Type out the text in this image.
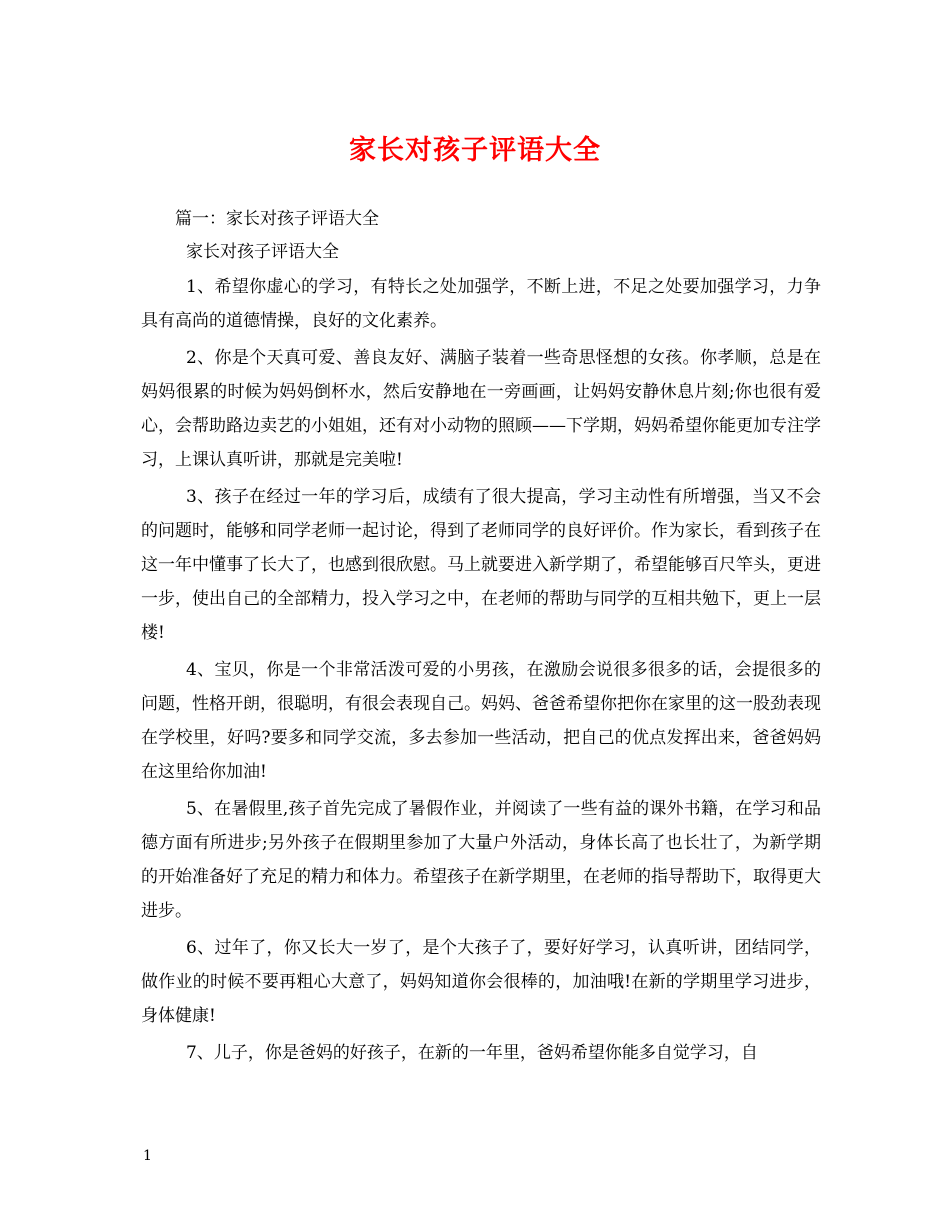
家长对孩子评语大全
篇一：家长对孩子评语大全
家长对孩子评语大全

1、希望你虚心的学习，有特长之处加强学，不断上进，不足之处要加强学习，力争具有高尚的道德情操，良好的文化素养。

2、你是个天真可爱、善良友好、满脑子装着一些奇思怪想的女孩。你孝顺，总是在妈妈很累的时候为妈妈倒杯水，然后安静地在一旁画画，让妈妈安静休息片刻;你也很有爱心，会帮助路边卖艺的小姐姐，还有对小动物的照顾——下学期，妈妈希望你能更加专注学习，上课认真听讲，那就是完美啦!

3、孩子在经过一年的学习后，成绩有了很大提高，学习主动性有所增强，当又不会的问题时，能够和同学老师一起讨论，得到了老师同学的良好评价。作为家长，看到孩子在这一年中懂事了长大了，也感到很欣慰。马上就要进入新学期了，希望能够百尺竿头，更进一步，使出自己的全部精力，投入学习之中，在老师的帮助与同学的互相共勉下，更上一层楼!

4、宝贝，你是一个非常活泼可爱的小男孩，在激励会说很多很多的话，会提很多的问题，性格开朗，很聪明，有很会表现自己。妈妈、爸爸希望你把你在家里的这一股劲表现在学校里，好吗?要多和同学交流，多去参加一些活动，把自己的优点发挥出来，爸爸妈妈在这里给你加油!

5、在暑假里,孩子首先完成了暑假作业，并阅读了一些有益的课外书籍，在学习和品德方面有所进步;另外孩子在假期里参加了大量户外活动，身体长高了也长壮了，为新学期的开始准备好了充足的精力和体力。希望孩子在新学期里，在老师的指导帮助下，取得更大进步。

6、过年了，你又长大一岁了，是个大孩子了，要好好学习，认真听讲，团结同学，做作业的时候不要再粗心大意了，妈妈知道你会很棒的，加油哦!在新的学期里学习进步，身体健康!

7、儿子，你是爸妈的好孩子，在新的一年里，爸妈希望你能多自觉学习，自

1
